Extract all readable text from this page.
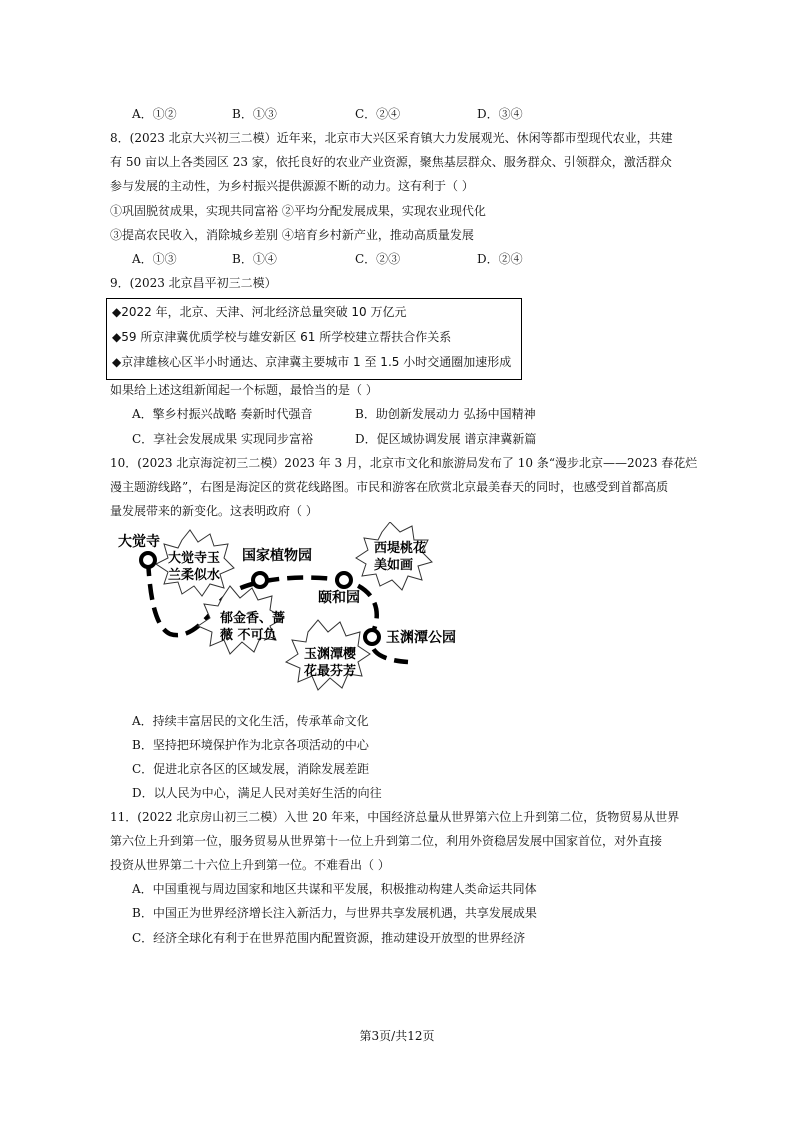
A．①②	B．①③	C．②④	D．③④
8．(2023 北京大兴初三二模）近年来，北京市大兴区采育镇大力发展观光、休闲等都市型现代农业，共建
有 50 亩以上各类园区 23 家，依托良好的农业产业资源，聚焦基层群众、服务群众、引领群众，激活群众
参与发展的主动性，为乡村振兴提供源源不断的动力。这有利于（ ）
①巩固脱贫成果，实现共同富裕 ②平均分配发展成果，实现农业现代化
③提高农民收入，消除城乡差别 ④培育乡村新产业，推动高质量发展
A．①③	B．①④	C．②③	D．②④
9．(2023 北京昌平初三二模）
◆2022 年，北京、天津、河北经济总量突破 10 万亿元
◆59 所京津冀优质学校与雄安新区 61 所学校建立帮扶合作关系
◆京津雄核心区半小时通达、京津冀主要城市 1 至 1.5 小时交通圈加速形成
如果给上述这组新闻起一个标题，最恰当的是（ ）
A．擎乡村振兴战略 奏新时代强音	B．助创新发展动力 弘扬中国精神
C．享社会发展成果 实现同步富裕	D．促区域协调发展 谱京津冀新篇
10．(2023 北京海淀初三二模）2023 年 3 月，北京市文化和旅游局发布了 10 条“漫步北京——2023 春花烂
漫主题游线路”，右图是海淀区的赏花线路图。市民和游客在欣赏北京最美春天的同时，也感受到首都高质
量发展带来的新变化。这表明政府（ ）
大觉寺
国家植物园
颐和园
玉渊潭公园
大觉寺玉
兰柔似水
郁金香、蔷
薇 不可负
西堤桃花
美如画
玉渊潭樱
花最芬芳
A．持续丰富居民的文化生活，传承革命文化
B．坚持把环境保护作为北京各项活动的中心
C．促进北京各区的区域发展，消除发展差距
D．以人民为中心，满足人民对美好生活的向往
11．(2022 北京房山初三二模）入世 20 年来，中国经济总量从世界第六位上升到第二位，货物贸易从世界
第六位上升到第一位，服务贸易从世界第十一位上升到第二位，利用外资稳居发展中国家首位，对外直接
投资从世界第二十六位上升到第一位。不难看出（ ）
A．中国重视与周边国家和地区共谋和平发展，积极推动构建人类命运共同体
B．中国正为世界经济增长注入新活力，与世界共享发展机遇，共享发展成果
C．经济全球化有利于在世界范围内配置资源，推动建设开放型的世界经济
第3页/共12页
